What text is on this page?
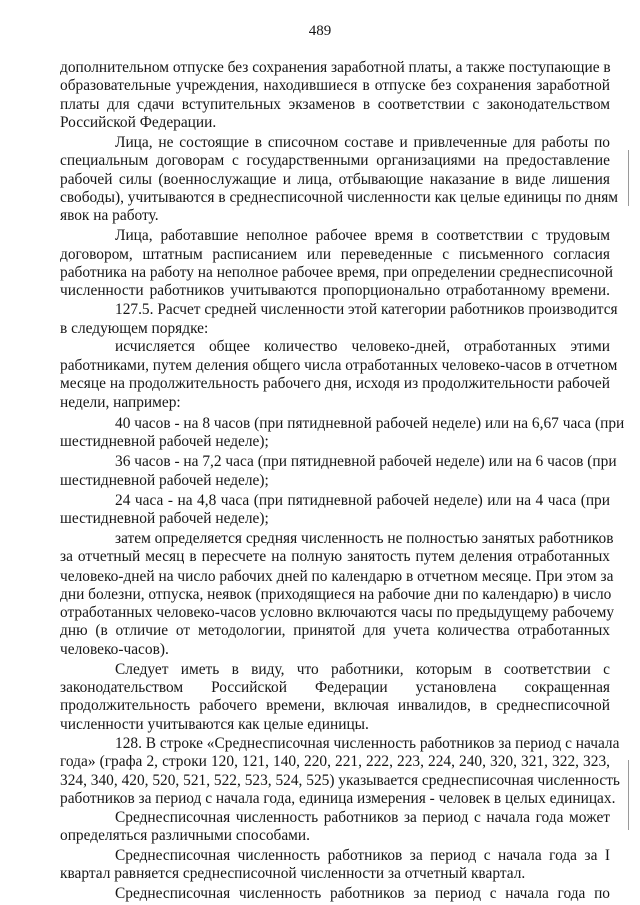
489
дополнительном отпуске без сохранения заработной платы, а также поступающие в
образовательные учреждения, находившиеся в отпуске без сохранения заработной
платы для сдачи вступительных экзаменов в соответствии с законодательством
Российской Федерации.
Лица, не состоящие в списочном составе и привлеченные для работы по
специальным договорам с государственными организациями на предоставление
рабочей силы (военнослужащие и лица, отбывающие наказание в виде лишения
свободы), учитываются в среднесписочной численности как целые единицы по дням
явок на работу.
Лица, работавшие неполное рабочее время в соответствии с трудовым
договором, штатным расписанием или переведенные с письменного согласия
работника на работу на неполное рабочее время, при определении среднесписочной
численности работников учитываются пропорционально отработанному времени.
127.5. Расчет средней численности этой категории работников производится
в следующем порядке:
исчисляется общее количество человеко-дней, отработанных этими
работниками, путем деления общего числа отработанных человеко-часов в отчетном
месяце на продолжительность рабочего дня, исходя из продолжительности рабочей
недели, например:
40 часов - на 8 часов (при пятидневной рабочей неделе) или на 6,67 часа (при
шестидневной рабочей неделе);
36 часов - на 7,2 часа (при пятидневной рабочей неделе) или на 6 часов (при
шестидневной рабочей неделе);
24 часа - на 4,8 часа (при пятидневной рабочей неделе) или на 4 часа (при
шестидневной рабочей неделе);
затем определяется средняя численность не полностью занятых работников
за отчетный месяц в пересчете на полную занятость путем деления отработанных
человеко-дней на число рабочих дней по календарю в отчетном месяце. При этом за
дни болезни, отпуска, неявок (приходящиеся на рабочие дни по календарю) в число
отработанных человеко-часов условно включаются часы по предыдущему рабочему
дню (в отличие от методологии, принятой для учета количества отработанных
человеко-часов).
Следует иметь в виду, что работники, которым в соответствии с
законодательством Российской Федерации установлена сокращенная
продолжительность рабочего времени, включая инвалидов, в среднесписочной
численности учитываются как целые единицы.
128. В строке «Среднесписочная численность работников за период с начала
года» (графа 2, строки 120, 121, 140, 220, 221, 222, 223, 224, 240, 320, 321, 322, 323,
324, 340, 420, 520, 521, 522, 523, 524, 525) указывается среднесписочная численность
работников за период с начала года, единица измерения - человек в целых единицах.
Среднесписочная численность работников за период с начала года может
определяться различными способами.
Среднесписочная численность работников за период с начала года за I
квартал равняется среднесписочной численности за отчетный квартал.
Среднесписочная численность работников за период с начала года по
